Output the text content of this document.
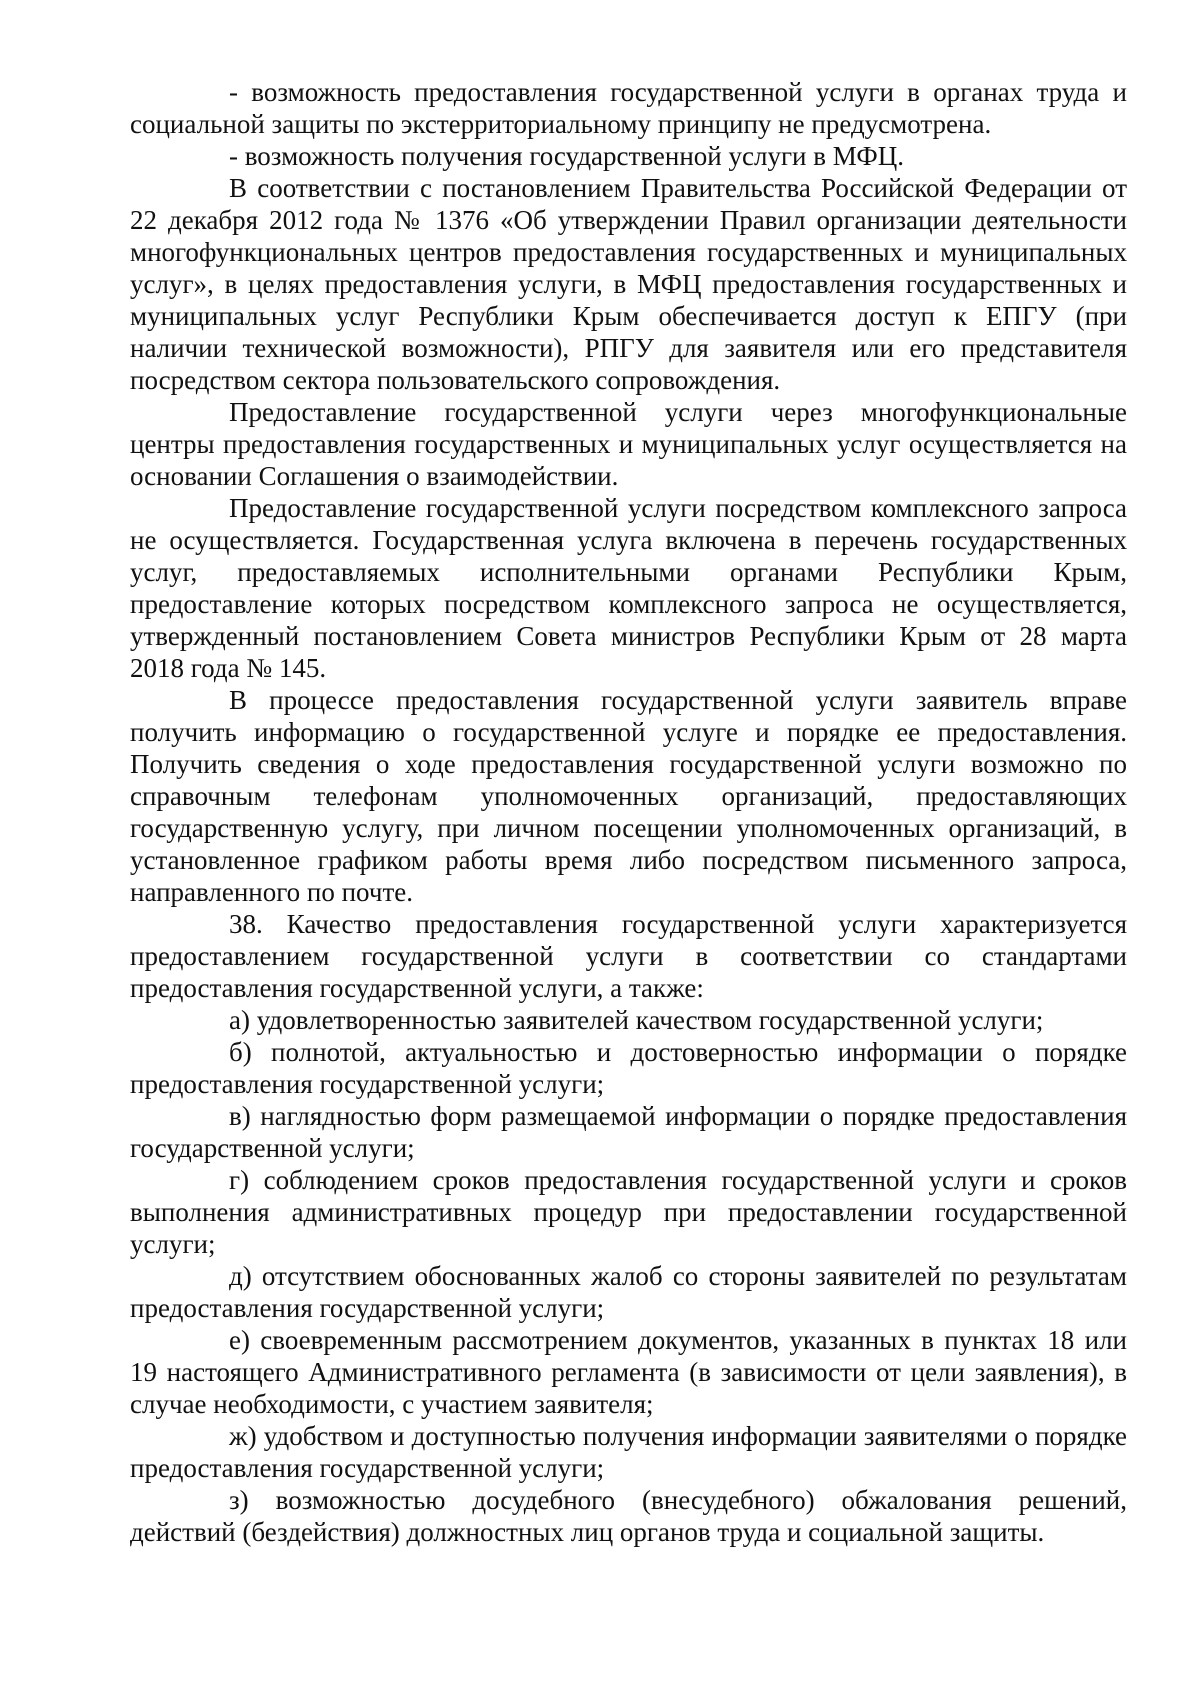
- возможность предоставления государственной услуги в органах труда и социальной защиты по экстерриториальному принципу не предусмотрена.

- возможность получения государственной услуги в МФЦ.

В соответствии с постановлением Правительства Российской Федерации от 22 декабря 2012 года № 1376 «Об утверждении Правил организации деятельности многофункциональных центров предоставления государственных и муниципальных услуг», в целях предоставления услуги, в МФЦ предоставления государственных и муниципальных услуг Республики Крым обеспечивается доступ к ЕПГУ (при наличии технической возможности), РПГУ для заявителя или его представителя посредством сектора пользовательского сопровождения.

Предоставление государственной услуги через многофункциональные центры предоставления государственных и муниципальных услуг осуществляется на основании Соглашения о взаимодействии.

Предоставление государственной услуги посредством комплексного запроса не осуществляется. Государственная услуга включена в перечень государственных услуг, предоставляемых исполнительными органами Республики Крым, предоставление которых посредством комплексного запроса не осуществляется, утвержденный постановлением Совета министров Республики Крым от 28 марта 2018 года № 145.

В процессе предоставления государственной услуги заявитель вправе получить информацию о государственной услуге и порядке ее предоставления. Получить сведения о ходе предоставления государственной услуги возможно по справочным телефонам уполномоченных организаций, предоставляющих государственную услугу, при личном посещении уполномоченных организаций, в установленное графиком работы время либо посредством письменного запроса, направленного по почте.

38. Качество предоставления государственной услуги характеризуется предоставлением государственной услуги в соответствии со стандартами предоставления государственной услуги, а также:

а) удовлетворенностью заявителей качеством государственной услуги;

б) полнотой, актуальностью и достоверностью информации о порядке предоставления государственной услуги;

в) наглядностью форм размещаемой информации о порядке предоставления государственной услуги;

г) соблюдением сроков предоставления государственной услуги и сроков выполнения административных процедур при предоставлении государственной услуги;

д) отсутствием обоснованных жалоб со стороны заявителей по результатам предоставления государственной услуги;

е) своевременным рассмотрением документов, указанных в пунктах 18 или 19 настоящего Административного регламента (в зависимости от цели заявления), в случае необходимости, с участием заявителя;

ж) удобством и доступностью получения информации заявителями о порядке предоставления государственной услуги;

з) возможностью досудебного (внесудебного) обжалования решений, действий (бездействия) должностных лиц органов труда и социальной защиты.
